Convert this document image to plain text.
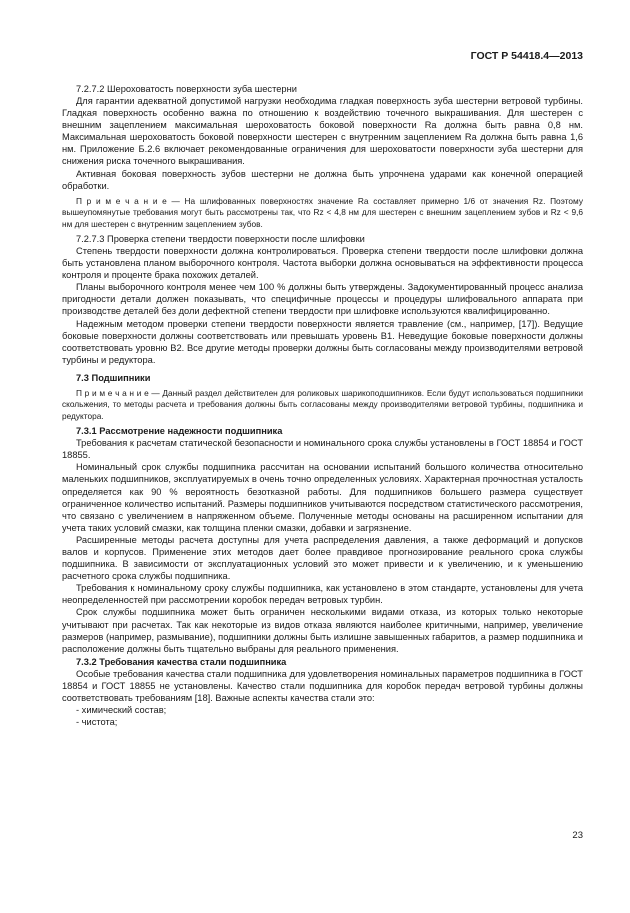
ГОСТ Р 54418.4—2013
7.2.7.2 Шероховатость поверхности зуба шестерни

Для гарантии адекватной допустимой нагрузки необходима гладкая поверхность зуба шестерни ветровой турбины. Гладкая поверхность особенно важна по отношению к воздействию точечного выкрашивания. Для шестерен с внешним зацеплением максимальная шероховатость боковой поверхности Ra должна быть равна 0,8 нм. Максимальная шероховатость боковой поверхности шестерен с внутренним зацеплением Ra должна быть равна 1,6 нм. Приложение Б.2.6 включает рекомендованные ограничения для шероховатости поверхности зуба шестерни для снижения риска точечного выкрашивания.

Активная боковая поверхность зубов шестерни не должна быть упрочнена ударами как конечной операцией обработки.

П р и м е ч а н и е — На шлифованных поверхностях значение Ra составляет примерно 1/6 от значения Rz. Поэтому вышеупомянутые требования могут быть рассмотрены так, что Rz < 4,8 нм для шестерен с внешним зацеплением зубов и Rz < 9,6 нм для шестерен с внутренним зацеплением зубов.

7.2.7.3 Проверка степени твердости поверхности после шлифовки

Степень твердости поверхности должна контролироваться. Проверка степени твердости после шлифовки должна быть установлена планом выборочного контроля. Частота выборки должна основываться на эффективности процесса контроля и проценте брака похожих деталей.

Планы выборочного контроля менее чем 100 % должны быть утверждены. Задокументированный процесс анализа пригодности детали должен показывать, что специфичные процессы и процедуры шлифовального аппарата при производстве деталей без доли дефектной степени твердости при шлифовке используются квалифицированно.

Надежным методом проверки степени твердости поверхности является травление (см., например, [17]). Ведущие боковые поверхности должны соответствовать или превышать уровень B1. Неведущие боковые поверхности должны соответствовать уровню B2. Все другие методы проверки должны быть согласованы между производителями ветровой турбины и редуктора.

7.3 Подшипники

П р и м е ч а н и е — Данный раздел действителен для роликовых шарикоподшипников. Если будут использоваться подшипники скольжения, то методы расчета и требования должны быть согласованы между производителями ветровой турбины, подшипника и редуктора.

7.3.1 Рассмотрение надежности подшипника

Требования к расчетам статической безопасности и номинального срока службы установлены в ГОСТ 18854 и ГОСТ 18855.

Номинальный срок службы подшипника рассчитан на основании испытаний большого количества относительно маленьких подшипников, эксплуатируемых в очень точно определенных условиях. Характерная прочностная усталость определяется как 90 % вероятность безотказной работы. Для подшипников большего размера существует ограниченное количество испытаний. Размеры подшипников учитываются посредством статистического рассмотрения, что связано с увеличением в напряженном объеме. Полученные методы основаны на расширенном испытании для учета таких условий смазки, как толщина пленки смазки, добавки и загрязнение.

Расширенные методы расчета доступны для учета распределения давления, а также деформаций и допусков валов и корпусов. Применение этих методов дает более правдивое прогнозирование реального срока службы подшипника. В зависимости от эксплуатационных условий это может привести и к увеличению, и к уменьшению расчетного срока службы подшипника.

Требования к номинальному сроку службы подшипника, как установлено в этом стандарте, установлены для учета неопределенностей при рассмотрении коробок передач ветровых турбин.

Срок службы подшипника может быть ограничен несколькими видами отказа, из которых только некоторые учитывают при расчетах. Так как некоторые из видов отказа являются наиболее критичными, например, увеличение размеров (например, размывание), подшипники должны быть излишне завышенных габаритов, а размер подшипника и расположение должны быть тщательно выбраны для реального применения.

7.3.2 Требования качества стали подшипника

Особые требования качества стали подшипника для удовлетворения номинальных параметров подшипника в ГОСТ 18854 и ГОСТ 18855 не установлены. Качество стали подшипника для коробок передач ветровой турбины должны соответствовать требованиям [18]. Важные аспекты качества стали это:

- химический состав;
- чистота;
23
